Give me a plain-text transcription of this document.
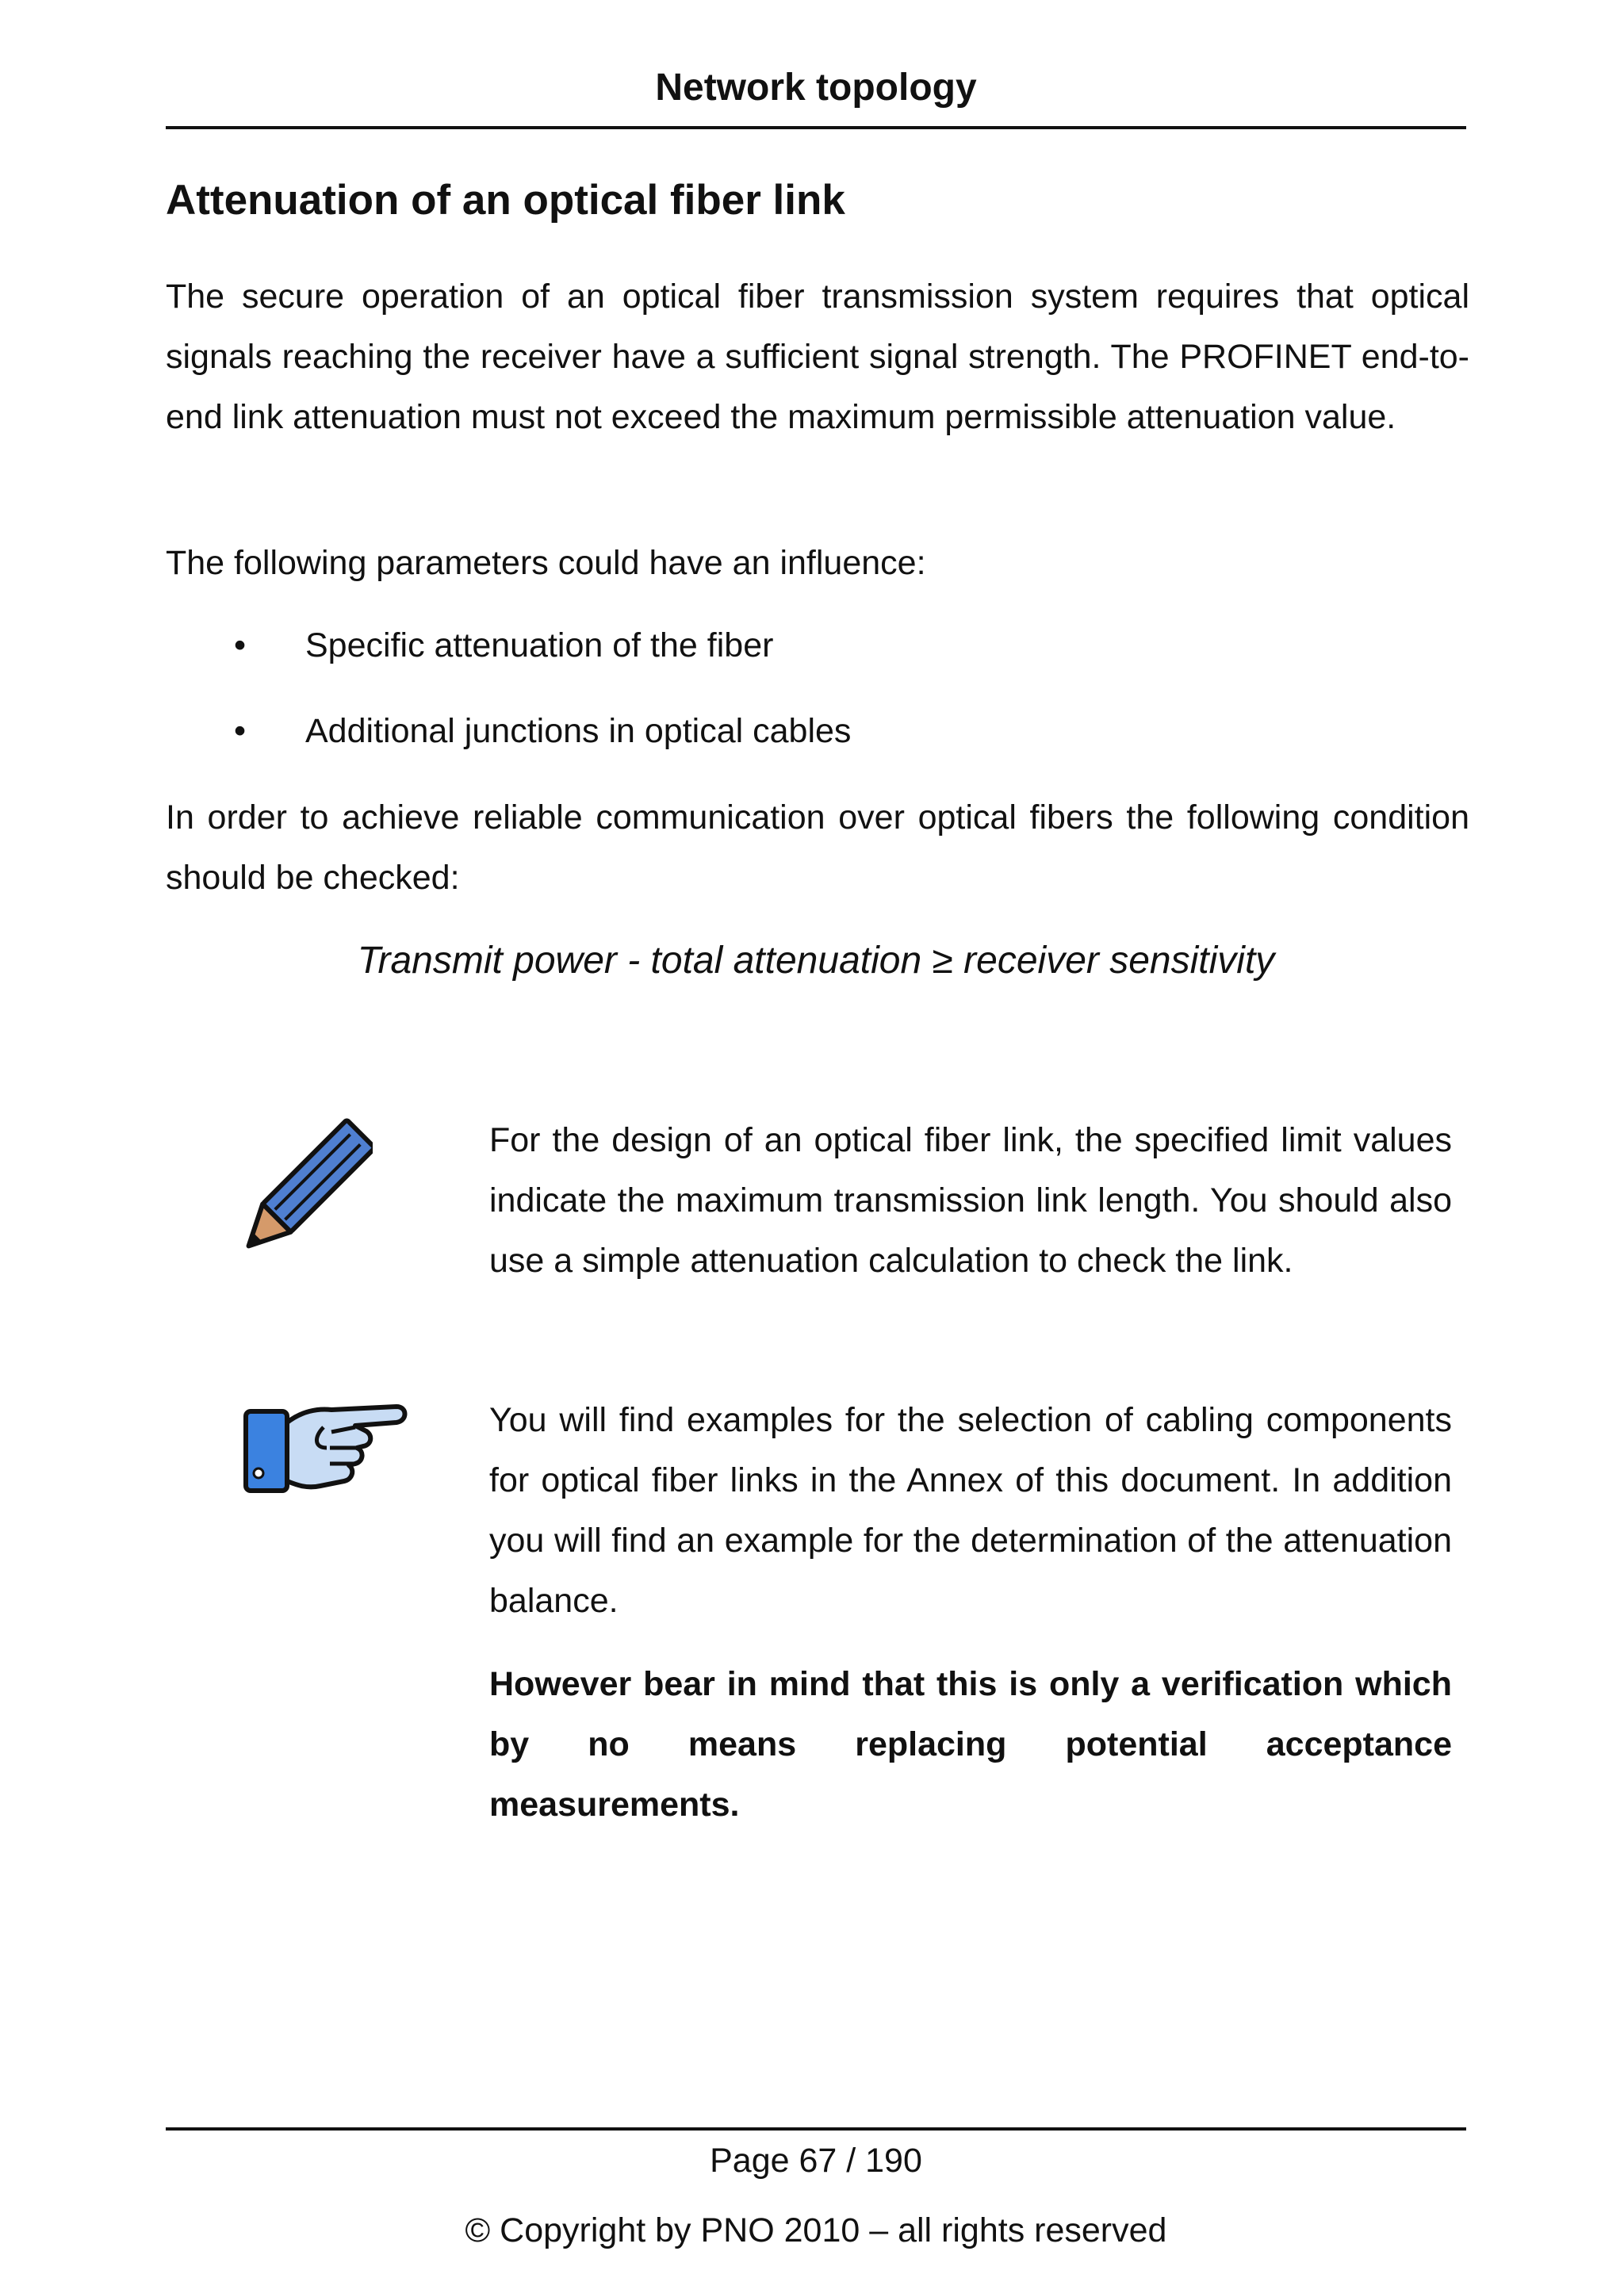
Network topology
Attenuation of an optical fiber link

The secure operation of an optical fiber transmission system requires that optical signals reaching the receiver have a sufficient signal strength. The PROFINET end-to-end link attenuation must not exceed the maximum permissible attenuation value.

The following parameters could have an influence:

• Specific attenuation of the fiber
• Additional junctions in optical cables

In order to achieve reliable communication over optical fibers the following condition should be checked:

Transmit power - total attenuation ≥ receiver sensitivity

For the design of an optical fiber link, the specified limit values indicate the maximum transmission link length. You should also use a simple attenuation calculation to check the link.

You will find examples for the selection of cabling components for optical fiber links in the Annex of this document. In addition you will find an example for the determination of the attenuation balance.

However bear in mind that this is only a verification which by no means replacing potential acceptance measurements.

Page 67 / 190
© Copyright by PNO 2010 – all rights reserved
